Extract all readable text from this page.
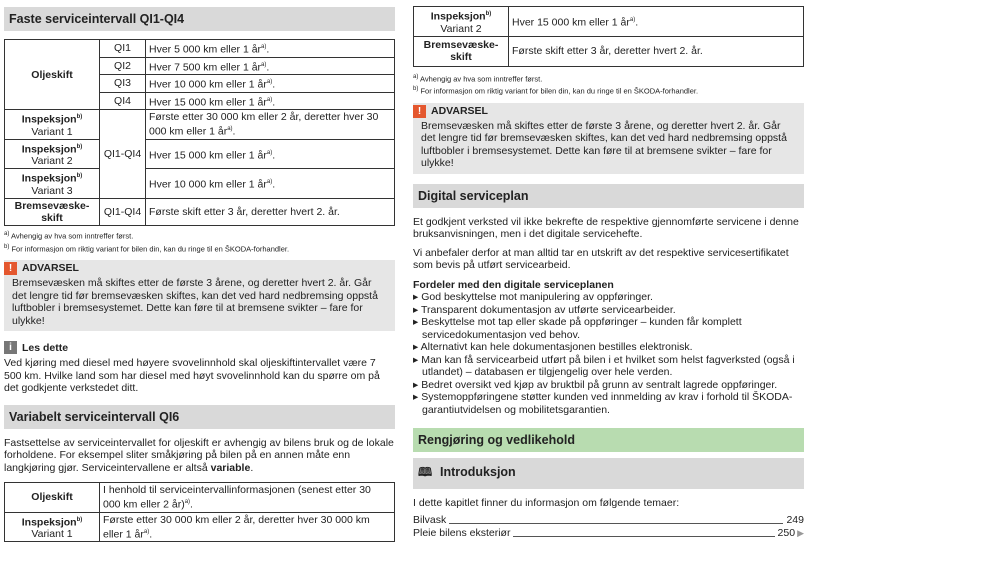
Faste serviceintervall QI1-QI4
Oljeskift	QI1	Hver 5 000 km eller 1 $år^{a)}$.
	QI2	Hver 7 500 km eller 1 $år^{a)}$.
	QI3	Hver 10 000 km eller 1 $år^{a)}$.
	QI4	Hver 15 000 km eller 1 $år^{a)}$.
Inspeksjon$^{b)}$
Variant 1	QI1-QI4	Første etter 30 000 km eller 2 år, deretter hver 30 000 km eller 1 $år^{a)}$.
Inspeksjon$^{b)}$
Variant 2		Hver 15 000 km eller 1 $år^{a)}$.
Inspeksjon$^{b)}$
Variant 3		Hver 10 000 km eller 1 $år^{a)}$.
Bremsevæske-
skift	QI1-QI4	Første skift etter 3 år, deretter hvert 2. år.
$^{a)}$ Avhengig av hva som inntreffer først.
$^{b)}$ For informasjon om riktig variant for bilen din, kan du ringe til en ŠKODA-forhandler.
! ADVARSEL
Bremsevæsken må skiftes etter de første 3 årene, og deretter hvert 2. år. Går det lengre tid før bremsevæsken skiftes, kan det ved hard nedbremsing oppstå luftbobler i bremsesystemet. Dette kan føre til at bremsene svikter – fare for ulykke!
i Les dette

Ved kjøring med diesel med høyere svovelinnhold skal oljeskiftintervallet være 7 500 km. Hvilke land som har diesel med høyt svovelinnhold kan du spørre om på det godkjente verkstedet ditt.

Variabelt serviceintervall QI6

Fastsettelse av serviceintervallet for oljeskift er avhengig av bilens bruk og de lokale forholdene. For eksempel sliter småkjøring på bilen på en annen måte enn langkjøring gjør. Serviceintervallene er altså variable.

Oljeskift	I henhold til serviceintervallinformasjonen (senest etter 30 000 km eller 2 år)$^{a)}$.
Inspeksjon$^{b)}$
Variant 1	Første etter 30 000 km eller 2 år, deretter hver 30 000 km eller 1 $år^{a)}$.
Inspeksjon$^{b)}$
Variant 2	Hver 15 000 km eller 1 $år^{a)}$.
Bremsevæske-
skift	Første skift etter 3 år, deretter hvert 2. år.
$^{a)}$ Avhengig av hva som inntreffer først.
$^{b)}$ For informasjon om riktig variant for bilen din, kan du ringe til en ŠKODA-forhandler.
! ADVARSEL
Bremsevæsken må skiftes etter de første 3 årene, og deretter hvert 2. år. Går det lengre tid før bremsevæsken skiftes, kan det ved hard nedbremsing oppstå luftbobler i bremsesystemet. Dette kan føre til at bremsene svikter – fare for ulykke!
Digital serviceplan

Et godkjent verksted vil ikke bekrefte de respektive gjennomførte servicene i denne bruksanvisningen, men i det digitale servicehefte.

Vi anbefaler derfor at man alltid tar en utskrift av det respektive servicesertifikatet som bevis på utført servicearbeid.

Fordeler med den digitale serviceplanen

▸ God beskyttelse mot manipulering av oppføringer.
▸ Transparent dokumentasjon av utførte servicearbeider.
▸ Beskyttelse mot tap eller skade på oppføringer – kunden får komplett servicedokumentasjon ved behov.
▸ Alternativt kan hele dokumentasjonen bestilles elektronisk.
▸ Man kan få servicearbeid utført på bilen i et hvilket som helst fagverksted (også i utlandet) – databasen er tilgjengelig over hele verden.
▸ Bedret oversikt ved kjøp av bruktbil på grunn av sentralt lagrede oppføringer.
▸ Systemoppføringene støtter kunden ved innmelding av krav i forhold til ŠKODA-garantiutvidelsen og mobilitetsgarantien.
Rengjøring og vedlikehold
🕮 Introduksjon

I dette kapitlet finner du informasjon om følgende temaer:

Bilvask	249
Pleie bilens eksteriør	250 ▶
